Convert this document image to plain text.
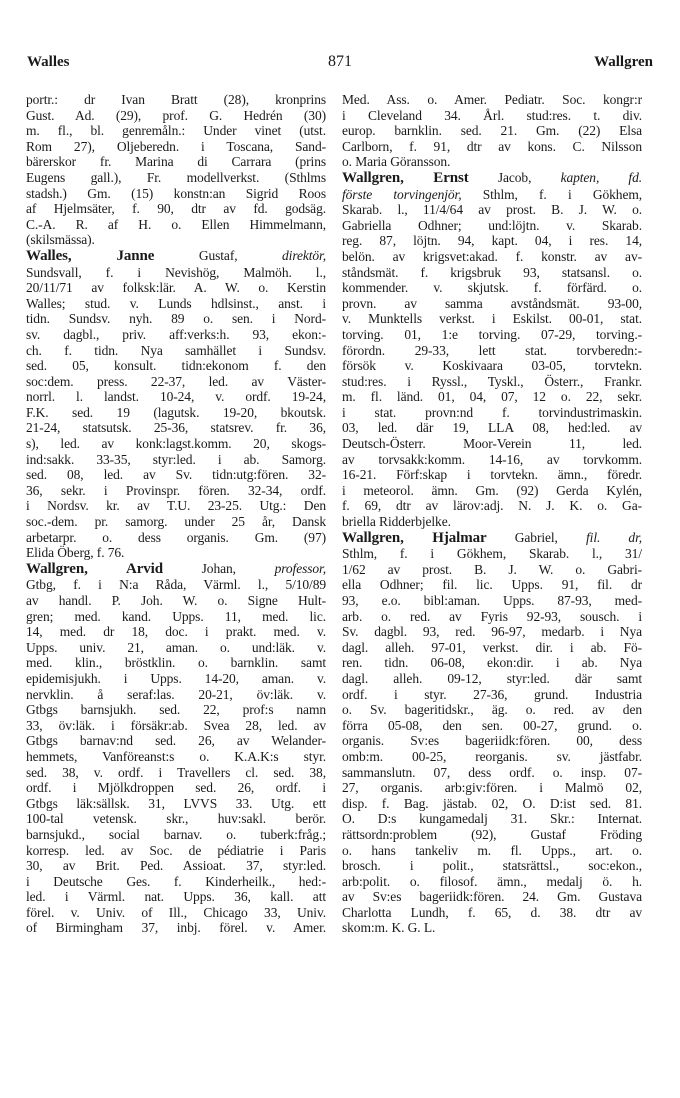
Walles	871	Wallgren
portr.: dr Ivan Bratt (28), kronprins
Gust. Ad. (29), prof. G. Hedrén (30)
m. fl., bl. genremåln.: Under vinet (utst.
Rom 27), Oljeberedn. i Toscana, Sand-
bärerskor fr. Marina di Carrara (prins
Eugens gall.), Fr. modellverkst. (Sthlms
stadsh.) Gm. (15) konstn:an Sigrid Roos
af Hjelmsäter, f. 90, dtr av fd. godsäg.
C.-A. R. af H. o. Ellen Himmelmann,
(skilsmässa).
Walles, Janne Gustaf, direktör,
Sundsvall, f. i Nevishög, Malmöh. l.,
20/11/71 av folksk:lär. A. W. o. Kerstin
Walles; stud. v. Lunds hdlsinst., anst. i
tidn. Sundsv. nyh. 89 o. sen. i Nord-
sv. dagbl., priv. aff:verks:h. 93, ekon:-
ch. f. tidn. Nya samhället i Sundsv.
sed. 05, konsult. tidn:ekonom f. den
soc:dem. press. 22-37, led. av Väster-
norrl. l. landst. 10-24, v. ordf. 19-24,
F.K. sed. 19 (lagutsk. 19-20, bkoutsk.
21-24, statsutsk. 25-36, statsrev. fr. 36,
s), led. av konk:lagst.komm. 20, skogs-
ind:sakk. 33-35, styr:led. i ab. Samorg.
sed. 08, led. av Sv. tidn:utg:fören. 32-
36, sekr. i Provinspr. fören. 32-34, ordf.
i Nordsv. kr. av T.U. 23-25. Utg.: Den
soc.-dem. pr. samorg. under 25 år, Dansk
arbetarpr. o. dess organis. Gm. (97)
Elida Öberg, f. 76.
Wallgren, Arvid Johan, professor,
Gtbg, f. i N:a Råda, Värml. l., 5/10/89
av handl. P. Joh. W. o. Signe Hult-
gren; med. kand. Upps. 11, med. lic.
14, med. dr 18, doc. i prakt. med. v.
Upps. univ. 21, aman. o. und:läk. v.
med. klin., bröstklin. o. barnklin. samt
epidemisjukh. i Upps. 14-20, aman. v.
nervklin. å seraf:las. 20-21, öv:läk. v.
Gtbgs barnsjukh. sed. 22, prof:s namn
33, öv:läk. i försäkr:ab. Svea 28, led. av
Gtbgs barnav:nd sed. 26, av Welander-
hemmets, Vanföreanst:s o. K.A.K:s styr.
sed. 38, v. ordf. i Travellers cl. sed. 38,
ordf. i Mjölkdroppen sed. 26, ordf. i
Gtbgs läk:sällsk. 31, LVVS 33. Utg. ett
100-tal vetensk. skr., huv:sakl. berör.
barnsjukd., social barnav. o. tuberk:fråg.;
korresp. led. av Soc. de pédiatrie i Paris
30, av Brit. Ped. Assioat. 37, styr:led.
i Deutsche Ges. f. Kinderheilk., hed:-
led. i Värml. nat. Upps. 36, kall. att
förel. v. Univ. of Ill., Chicago 33, Univ.
of Birmingham 37, inbj. förel. v. Amer.
Med. Ass. o. Amer. Pediatr. Soc. kongr:r
i Cleveland 34. Årl. stud:res. t. div.
europ. barnklin. sed. 21. Gm. (22) Elsa
Carlborn, f. 91, dtr av kons. C. Nilsson
o. Maria Göransson.
Wallgren, Ernst Jacob, kapten, fd.
förste torvingenjör, Sthlm, f. i Gökhem,
Skarab. l., 11/4/64 av prost. B. J. W. o.
Gabriella Odhner; und:löjtn. v. Skarab.
reg. 87, löjtn. 94, kapt. 04, i res. 14,
belön. av krigsvet:akad. f. konstr. av av-
ståndsmät. f. krigsbruk 93, statsansl. o.
kommender. v. skjutsk. f. förfärd. o.
provn. av samma avståndsmät. 93-00,
v. Munktells verkst. i Eskilst. 00-01, stat.
torving. 01, 1:e torving. 07-29, torving.-
förordn. 29-33, lett stat. torvberedn:-
försök v. Koskivaara 03-05, torvtekn.
stud:res. i Ryssl., Tyskl., Österr., Frankr.
m. fl. länd. 01, 04, 07, 12 o. 22, sekr.
i stat. provn:nd f. torvindustrimaskin.
03, led. där 19, LLA 08, hed:led. av
Deutsch-Österr. Moor-Verein 11, led.
av torvsakk:komm. 14-16, av torvkomm.
16-21. Förf:skap i torvtekn. ämn., föredr.
i meteorol. ämn. Gm. (92) Gerda Kylén,
f. 69, dtr av lärov:adj. N. J. K. o. Ga-
briella Ridderbjelke.
Wallgren, Hjalmar Gabriel, fil. dr,
Sthlm, f. i Gökhem, Skarab. l., 31/
1/62 av prost. B. J. W. o. Gabri-
ella Odhner; fil. lic. Upps. 91, fil. dr
93, e.o. bibl:aman. Upps. 87-93, med-
arb. o. red. av Fyris 92-93, sousch. i
Sv. dagbl. 93, red. 96-97, medarb. i Nya
dagl. alleh. 97-01, verkst. dir. i ab. Fö-
ren. tidn. 06-08, ekon:dir. i ab. Nya
dagl. alleh. 09-12, styr:led. där samt
ordf. i styr. 27-36, grund. Industria
o. Sv. bageritidskr., äg. o. red. av den
förra 05-08, den sen. 00-27, grund. o.
organis. Sv:es bageriidk:fören. 00, dess
omb:m. 00-25, reorganis. sv. jästfabr.
sammanslutn. 07, dess ordf. o. insp. 07-
27, organis. arb:giv:fören. i Malmö 02,
disp. f. Bag. jästab. 02, O. D:ist sed. 81.
O. D:s kungamedalj 31. Skr.: Internat.
rättsordn:problem (92), Gustaf Fröding
o. hans tankeliv m. fl. Upps., art. o.
brosch. i polit., statsrättsl., soc:ekon.,
arb:polit. o. filosof. ämn., medalj ö. h.
av Sv:es bageriidk:fören. 24. Gm. Gustava
Charlotta Lundh, f. 65, d. 38. dtr av
skom:m. K. G. L.
